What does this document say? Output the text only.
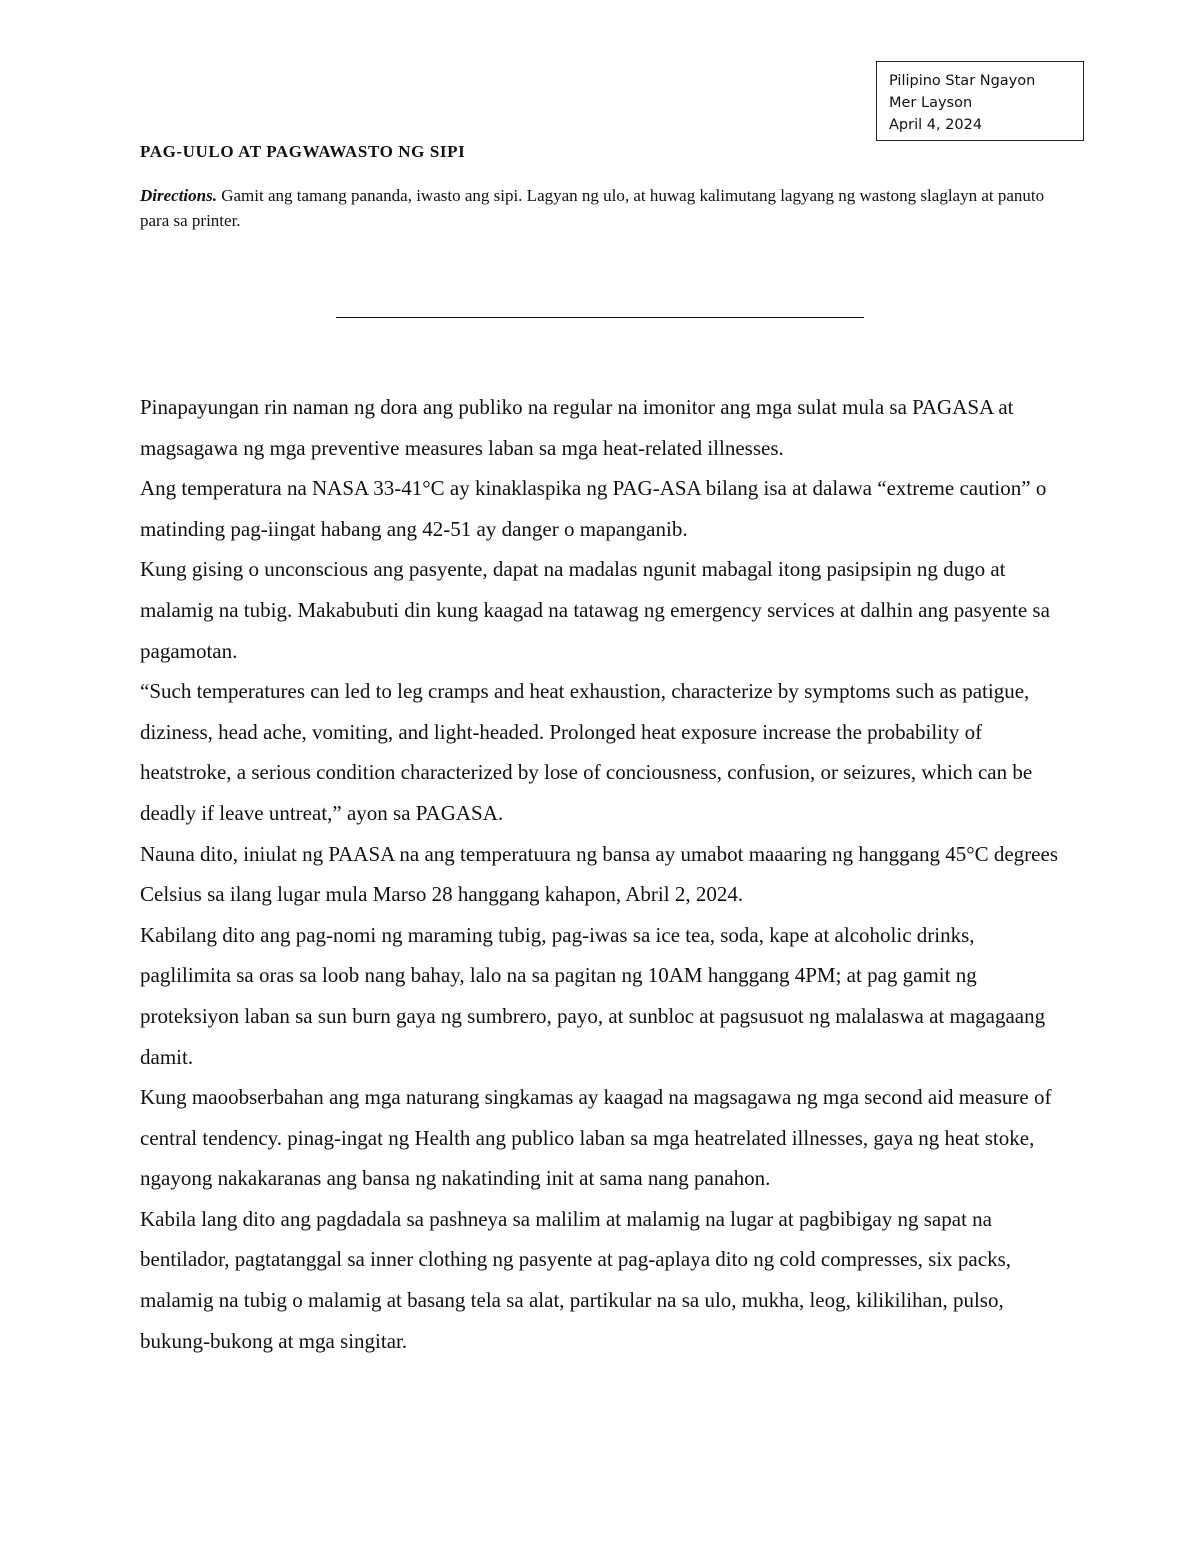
Pilipino Star Ngayon
Mer Layson
April 4, 2024
PAG-UULO AT PAGWAWASTO NG SIPI
Directions. Gamit ang tamang pananda, iwasto ang sipi. Lagyan ng ulo, at huwag kalimutang lagyang ng wastong slaglayn at panuto para sa printer.

Pinapayungan rin naman ng dora ang publiko na regular na imonitor ang mga sulat mula sa PAGASA at magsagawa ng mga preventive measures laban sa mga heat-related illnesses.

Ang temperatura na NASA 33-41°C ay kinaklaspika ng PAG-ASA bilang isa at dalawa “extreme caution” o matinding pag-iingat habang ang 42-51 ay danger o mapanganib.

Kung gising o unconscious ang pasyente, dapat na madalas ngunit mabagal itong pasipsipin ng dugo at malamig na tubig. Makabubuti din kung kaagad na tatawag ng emergency services at dalhin ang pasyente sa pagamotan.

“Such temperatures can led to leg cramps and heat exhaustion, characterize by symptoms such as patigue, diziness, head ache, vomiting, and light-headed. Prolonged heat exposure increase the probability of heatstroke, a serious condition characterized by lose of conciousness, confusion, or seizures, which can be deadly if leave untreat,” ayon sa PAGASA.

Nauna dito, iniulat ng PAASA na ang temperatuura ng bansa ay umabot maaaring ng hanggang 45°C degrees Celsius sa ilang lugar mula Marso 28 hanggang kahapon, Abril 2, 2024.

Kabilang dito ang pag-nomi ng maraming tubig, pag-iwas sa ice tea, soda, kape at alcoholic drinks, paglilimita sa oras sa loob nang bahay, lalo na sa pagitan ng 10AM hanggang 4PM; at pag gamit ng proteksiyon laban sa sun burn gaya ng sumbrero, payo, at sunbloc at pagsusuot ng malalaswa at magagaang damit.

Kung maoobserbahan ang mga naturang singkamas ay kaagad na magsagawa ng mga second aid measure of central tendency. pinag-ingat ng Health ang publico laban sa mga heatrelated illnesses, gaya ng heat stoke, ngayong nakakaranas ang bansa ng nakatinding init at sama nang panahon.

Kabila lang dito ang pagdadala sa pashneya sa malilim at malamig na lugar at pagbibigay ng sapat na bentilador, pagtatanggal sa inner clothing ng pasyente at pag-aplaya dito ng cold compresses, six packs, malamig na tubig o malamig at basang tela sa alat, partikular na sa ulo, mukha, leog, kilikilihan, pulso, bukung-bukong at mga singitar.
